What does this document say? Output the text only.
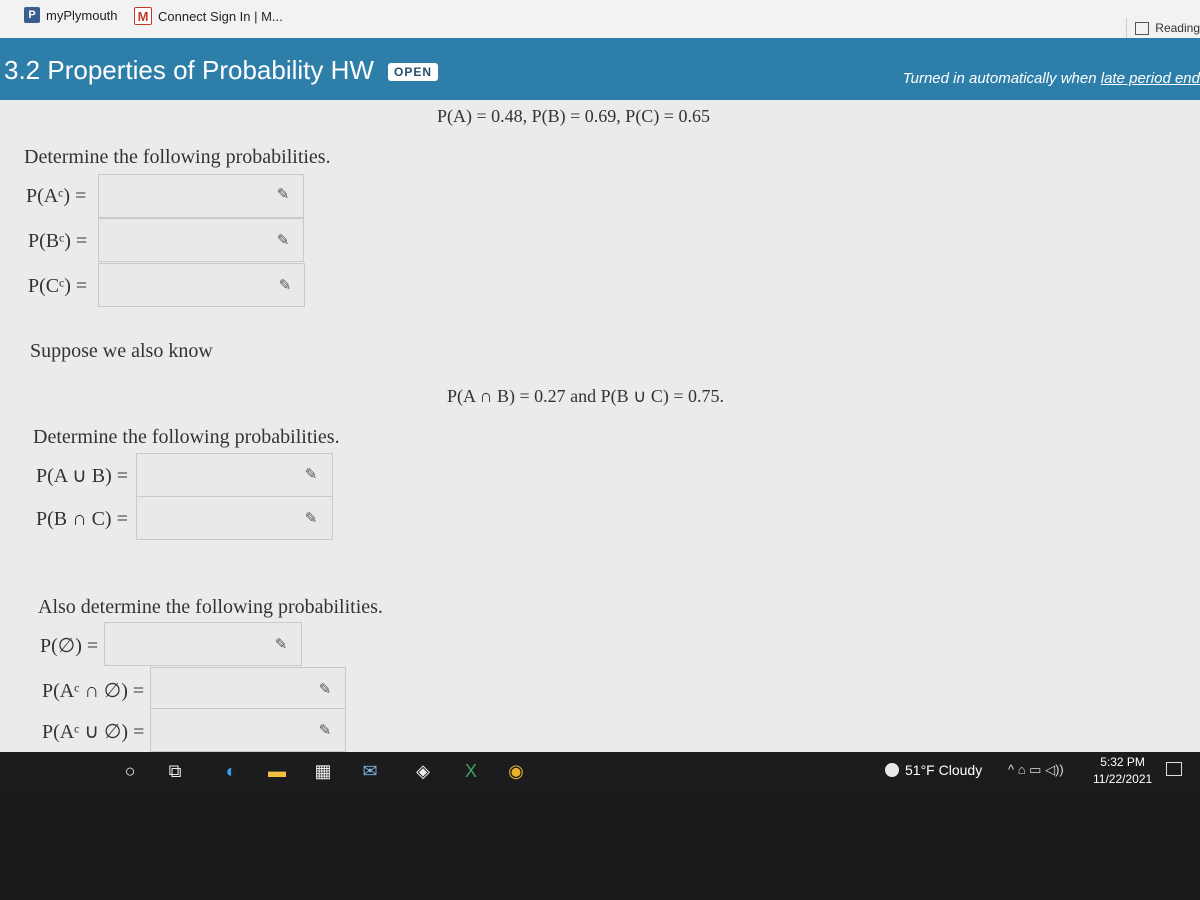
P myPlymouth M Connect Sign In | M...
Reading
3.2 Properties of Probability HW	OPEN	Turned in automatically when late period end
P(A) = 0.48, P(B) = 0.69, P(C) = 0.65
Determine the following probabilities.
P(Aᶜ) =	✎
P(Bᶜ) =	✎
P(Cᶜ) =	✎
Suppose we also know
P(A ∩ B) = 0.27 and P(B ∪ C) = 0.75.
Determine the following probabilities.
P(A ∪ B) =	✎
P(B ∩ C) =	✎
Also determine the following probabilities.
P(∅) =	✎
P(Aᶜ ∩ ∅) =	✎
P(Aᶜ ∪ ∅) =	✎
○	⧉	◐	▬ ▦	✉	◈	X	◉	51°F Cloudy ^ ⌂ ▭ ◁))	5:32 PM
11/22/2021
